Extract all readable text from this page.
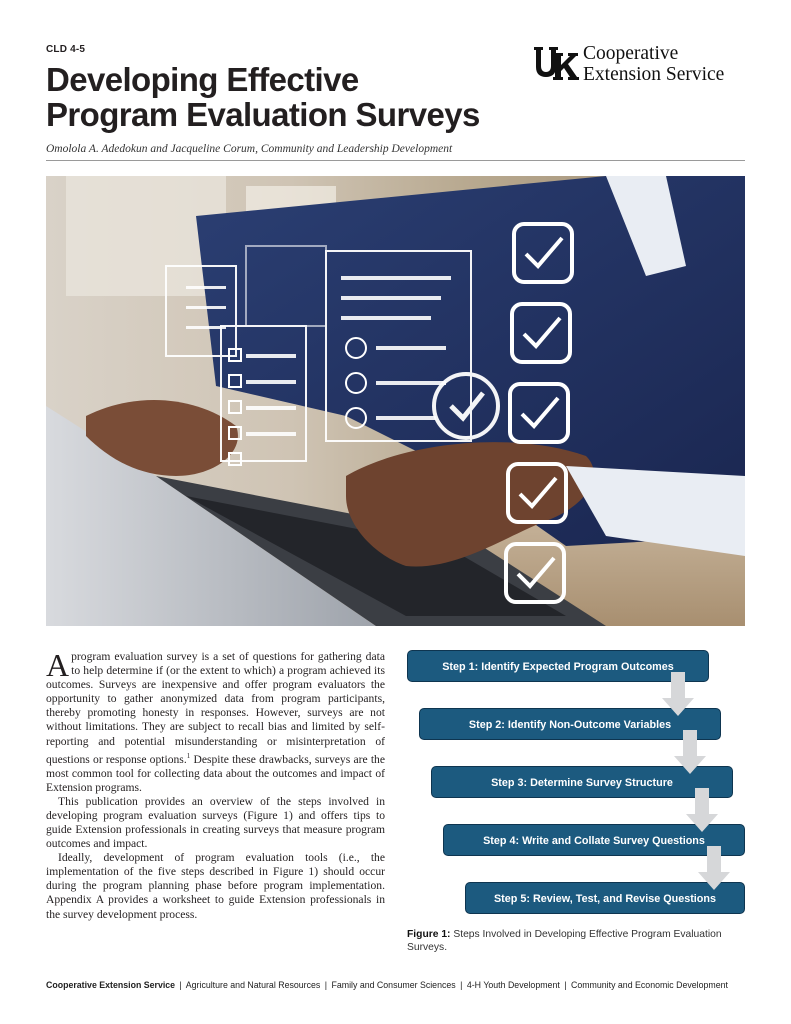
CLD 4-5
Developing Effective
Program Evaluation Surveys
Omolola A. Adedokun and Jacqueline Corum, Community and Leadership Development
Cooperative
Extension Service

A program evaluation survey is a set of questions for gathering data to help determine if (or the extent to which) a program achieved its outcomes. Surveys are inexpensive and offer program evaluators the opportunity to gather anonymized data from program participants, thereby promoting honesty in responses. However, surveys are not without limitations. They are subject to recall bias and limited by self-reporting and potential misunderstanding or misinterpretation of questions or response options.$^1$ Despite these drawbacks, surveys are the most common tool for collecting data about the outcomes and impact of Extension programs.

This publication provides an overview of the steps involved in developing program evaluation surveys (Figure 1) and offers tips to guide Extension professionals in creating surveys that measure program outcomes and impact.

Ideally, development of program evaluation tools (i.e., the implementation of the five steps described in Figure 1) should occur during the program planning phase before program implementation. Appendix A provides a worksheet to guide Extension professionals in the survey development process.

Step 1: Identify Expected Program Outcomes
Step 2: Identify Non-Outcome Variables
Step 3: Determine Survey Structure
Step 4: Write and Collate Survey Questions
Step 5: Review, Test, and Revise Questions
Figure 1: Steps Involved in Developing Effective Program Evaluation Surveys.
Cooperative Extension Service | Agriculture and Natural Resources | Family and Consumer Sciences | 4-H Youth Development | Community and Economic Development
